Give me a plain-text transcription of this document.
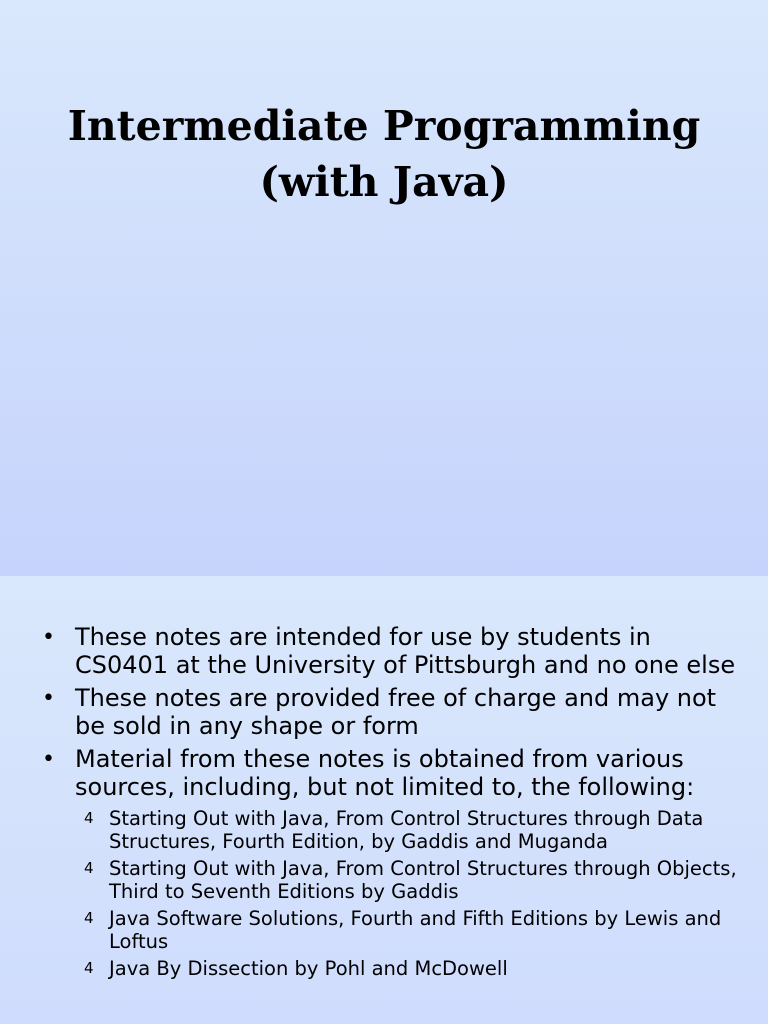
Intermediate Programming
(with Java)
• These notes are intended for use by students in CS0401 at the University of Pittsburgh and no one else
• These notes are provided free of charge and may not be sold in any shape or form
• Material from these notes is obtained from various sources, including, but not limited to, the following:
4 Starting Out with Java, From Control Structures through Data Structures, Fourth Edition, by Gaddis and Muganda
4 Starting Out with Java, From Control Structures through Objects, Third to Seventh Editions by Gaddis
4 Java Software Solutions, Fourth and Fifth Editions by Lewis and Loftus
4 Java By Dissection by Pohl and McDowell
